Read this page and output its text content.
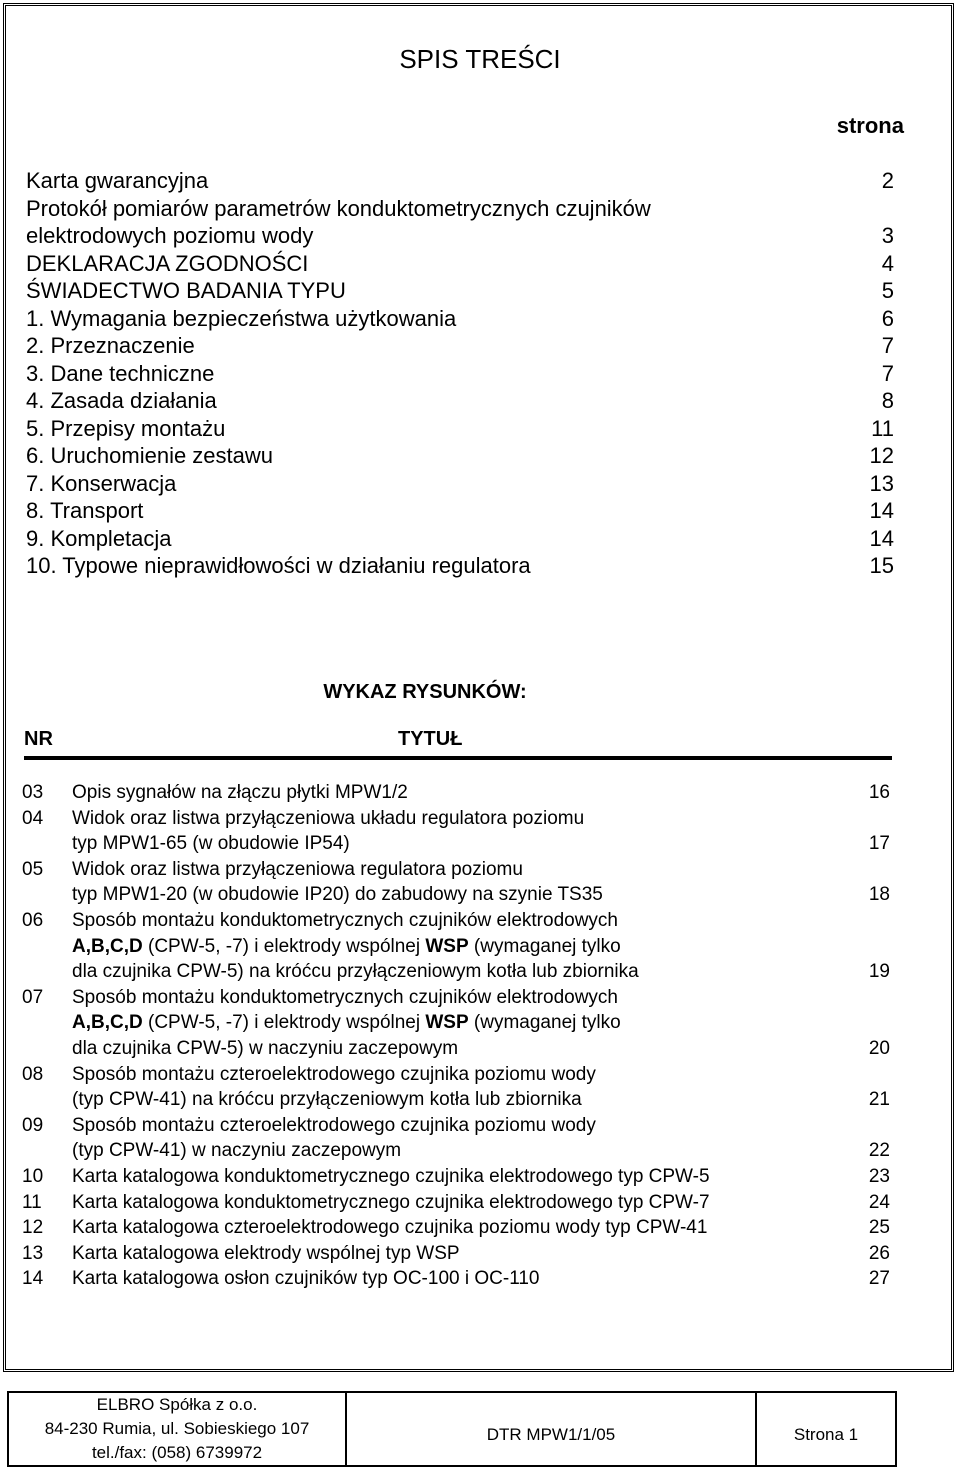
SPIS TREŚCI
strona
Karta gwarancyjna	2
Protokół pomiarów parametrów konduktometrycznych czujników
elektrodowych poziomu wody	3
DEKLARACJA ZGODNOŚCI	4
ŚWIADECTWO BADANIA TYPU	5
1. Wymagania bezpieczeństwa użytkowania	6
2. Przeznaczenie	7
3. Dane techniczne	7
4. Zasada działania	8
5. Przepisy montażu	11
6. Uruchomienie zestawu	12
7. Konserwacja	13
8. Transport	14
9. Kompletacja	14
10. Typowe nieprawidłowości w działaniu regulatora	15
WYKAZ RYSUNKÓW:
NR	TYTUŁ
03 Opis sygnałów na złączu płytki MPW1/2	16
04 Widok oraz listwa przyłączeniowa układu regulatora poziomu
typ MPW1-65 (w obudowie IP54)	17
05 Widok oraz listwa przyłączeniowa regulatora poziomu
typ MPW1-20 (w obudowie IP20) do zabudowy na szynie TS35	18
06 Sposób montażu konduktometrycznych czujników elektrodowych
A,B,C,D (CPW-5, -7) i elektrody wspólnej WSP (wymaganej tylko
dla czujnika CPW-5) na króćcu przyłączeniowym kotła lub zbiornika	19
07 Sposób montażu konduktometrycznych czujników elektrodowych
A,B,C,D (CPW-5, -7) i elektrody wspólnej WSP (wymaganej tylko
dla czujnika CPW-5) w naczyniu zaczepowym	20
08 Sposób montażu czteroelektrodowego czujnika poziomu wody
(typ CPW-41) na króćcu przyłączeniowym kotła lub zbiornika	21
09 Sposób montażu czteroelektrodowego czujnika poziomu wody
(typ CPW-41) w naczyniu zaczepowym	22
10 Karta katalogowa konduktometrycznego czujnika elektrodowego typ CPW-5	23
11 Karta katalogowa konduktometrycznego czujnika elektrodowego typ CPW-7	24
12 Karta katalogowa czteroelektrodowego czujnika poziomu wody typ CPW-41	25
13 Karta katalogowa elektrody wspólnej typ WSP	26
14 Karta katalogowa osłon czujników typ OC-100 i OC-110	27
ELBRO Spółka z o.o.
84-230 Rumia, ul. Sobieskiego 107
tel./fax: (058) 6739972
DTR MPW1/1/05	Strona 1
